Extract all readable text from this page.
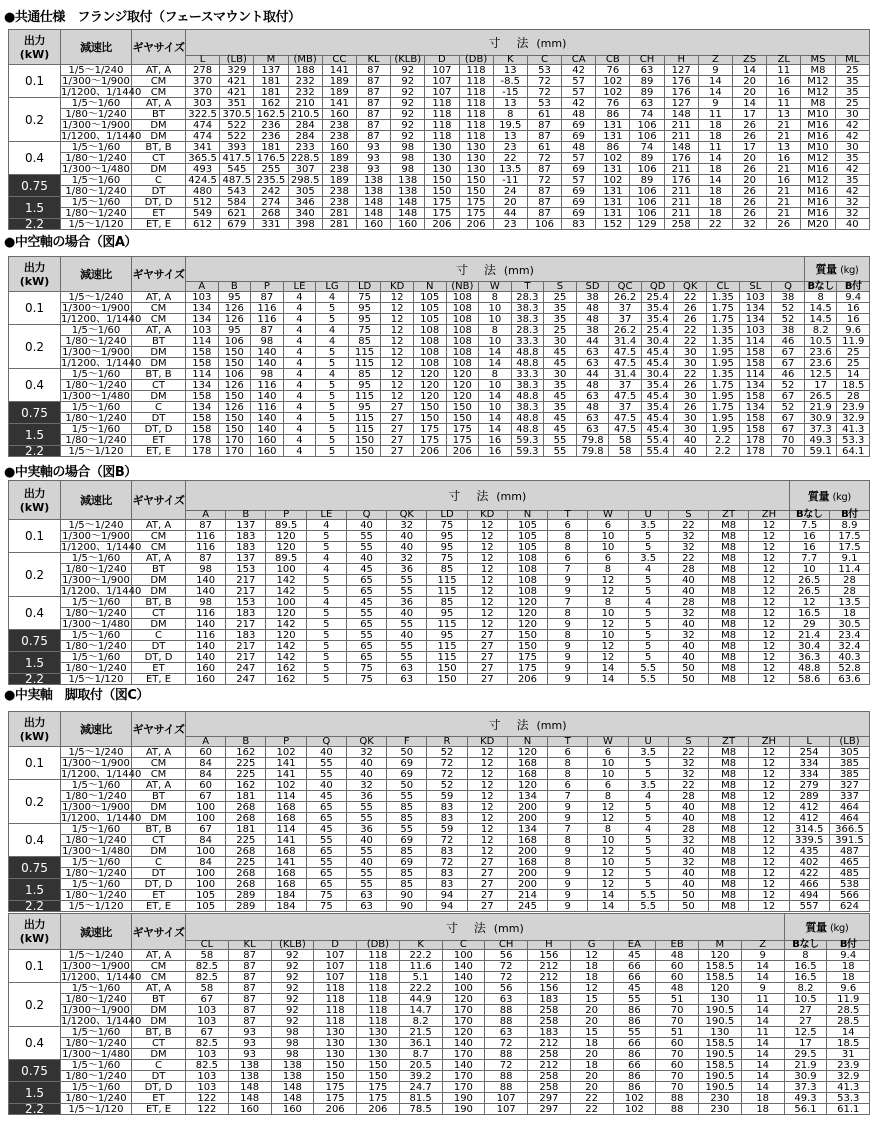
●共通仕様　フランジ取付（フェースマウント取付）
出力
(kW)	減速比	ギヤサイズ	寸　法 (mm)																			
			L	(LB)	M	(MB)	CC	KL	(KLB)	D	(DB)	K	C	CA	CB	CH	H	Z	ZS	ZL	MS	ML
0.1	1/5～1/240	AT, A	278	329	137	188	141	87	92	107	118	13	53	42	76	63	127	9	14	11	M8	25
	1/300～1/900	CM	370	421	181	232	189	87	92	107	118	-8.5	72	57	102	89	176	14	20	16	M12	35
	1/1200、1/1440	CM	370	421	181	232	189	87	92	107	118	-15	72	57	102	89	176	14	20	16	M12	35
0.2	1/5～1/60	AT, A	303	351	162	210	141	87	92	118	118	13	53	42	76	63	127	9	14	11	M8	25
	1/80～1/240	BT	322.5	370.5	162.5	210.5	160	87	92	118	118	8	61	48	86	74	148	11	17	13	M10	30
	1/300～1/900	DM	474	522	236	284	238	87	92	118	118	19.5	87	69	131	106	211	18	26	21	M16	42
	1/1200、1/1440	DM	474	522	236	284	238	87	92	118	118	13	87	69	131	106	211	18	26	21	M16	42
0.4	1/5～1/60	BT, B	341	393	181	233	160	93	98	130	130	23	61	48	86	74	148	11	17	13	M10	30
	1/80～1/240	CT	365.5	417.5	176.5	228.5	189	93	98	130	130	22	72	57	102	89	176	14	20	16	M12	35
	1/300～1/480	DM	493	545	255	307	238	93	98	130	130	13.5	87	69	131	106	211	18	26	21	M16	42
0.75	1/5～1/60	C	424.5	487.5	235.5	298.5	189	138	138	150	150	-11	72	57	102	89	176	14	20	16	M12	35
	1/80～1/240	DT	480	543	242	305	238	138	138	150	150	24	87	69	131	106	211	18	26	21	M16	42
1.5	1/5～1/60	DT, D	512	584	274	346	238	148	148	175	175	20	87	69	131	106	211	18	26	21	M16	32
	1/80～1/240	ET	549	621	268	340	281	148	148	175	175	44	87	69	131	106	211	18	26	21	M16	32
2.2	1/5～1/120	ET, E	612	679	331	398	281	160	160	206	206	23	106	83	152	129	258	22	32	26	M20	40
●中空軸の場合（図A）
出力
(kW)	減速比	ギヤサイズ	寸　法 (mm)																			質量 (kg)	
			A	B	P	LE	LG	LD	KD	N	(NB)	W	T	S	SD	QC	QD	QK	CL	SL	Q	Bなし	B付
0.1	1/5～1/240	AT, A	103	95	87	4	4	75	12	105	108	8	28.3	25	38	26.2	25.4	22	1.35	103	38	8	9.4
	1/300～1/900	CM	134	126	116	4	5	95	12	105	108	10	38.3	35	48	37	35.4	26	1.75	134	52	14.5	16
	1/1200、1/1440	CM	134	126	116	4	5	95	12	105	108	10	38.3	35	48	37	35.4	26	1.75	134	52	14.5	16
0.2	1/5～1/60	AT, A	103	95	87	4	4	75	12	108	108	8	28.3	25	38	26.2	25.4	22	1.35	103	38	8.2	9.6
	1/80～1/240	BT	114	106	98	4	4	85	12	108	108	10	33.3	30	44	31.4	30.4	22	1.35	114	46	10.5	11.9
	1/300～1/900	DM	158	150	140	4	5	115	12	108	108	14	48.8	45	63	47.5	45.4	30	1.95	158	67	23.6	25
	1/1200、1/1440	DM	158	150	140	4	5	115	12	108	108	14	48.8	45	63	47.5	45.4	30	1.95	158	67	23.6	25
0.4	1/5～1/60	BT, B	114	106	98	4	4	85	12	120	120	8	33.3	30	44	31.4	30.4	22	1.35	114	46	12.5	14
	1/80～1/240	CT	134	126	116	4	5	95	12	120	120	10	38.3	35	48	37	35.4	26	1.75	134	52	17	18.5
	1/300～1/480	DM	158	150	140	4	5	115	12	120	120	14	48.8	45	63	47.5	45.4	30	1.95	158	67	26.5	28
0.75	1/5～1/60	C	134	126	116	4	5	95	27	150	150	10	38.3	35	48	37	35.4	26	1.75	134	52	21.9	23.9
	1/80～1/240	DT	158	150	140	4	5	115	27	150	150	14	48.8	45	63	47.5	45.4	30	1.95	158	67	30.9	32.9
1.5	1/5～1/60	DT, D	158	150	140	4	5	115	27	175	175	14	48.8	45	63	47.5	45.4	30	1.95	158	67	37.3	41.3
	1/80～1/240	ET	178	170	160	4	5	150	27	175	175	16	59.3	55	79.8	58	55.4	40	2.2	178	70	49.3	53.3
2.2	1/5～1/120	ET, E	178	170	160	4	5	150	27	206	206	16	59.3	55	79.8	58	55.4	40	2.2	178	70	59.1	64.1
●中実軸の場合（図B）
出力
(kW)	減速比	ギヤサイズ	寸　法 (mm)															質量 (kg)	
			A	B	P	LE	Q	QK	LD	KD	N	T	W	U	S	ZT	ZH	Bなし	B付
0.1	1/5～1/240	AT, A	87	137	89.5	4	40	32	75	12	105	6	6	3.5	22	M8	12	7.5	8.9
	1/300～1/900	CM	116	183	120	5	55	40	95	12	105	8	10	5	32	M8	12	16	17.5
	1/1200、1/1440	CM	116	183	120	5	55	40	95	12	105	8	10	5	32	M8	12	16	17.5
0.2	1/5～1/60	AT, A	87	137	89.5	4	40	32	75	12	108	6	6	3.5	22	M8	12	7.7	9.1
	1/80～1/240	BT	98	153	100	4	45	36	85	12	108	7	8	4	28	M8	12	10	11.4
	1/300～1/900	DM	140	217	142	5	65	55	115	12	108	9	12	5	40	M8	12	26.5	28
	1/1200、1/1440	DM	140	217	142	5	65	55	115	12	108	9	12	5	40	M8	12	26.5	28
0.4	1/5～1/60	BT, B	98	153	100	4	45	36	85	12	120	7	8	4	28	M8	12	12	13.5
	1/80～1/240	CT	116	183	120	5	55	40	95	12	120	8	10	5	32	M8	12	16.5	18
	1/300～1/480	DM	140	217	142	5	65	55	115	12	120	9	12	5	40	M8	12	29	30.5
0.75	1/5～1/60	C	116	183	120	5	55	40	95	27	150	8	10	5	32	M8	12	21.4	23.4
	1/80～1/240	DT	140	217	142	5	65	55	115	27	150	9	12	5	40	M8	12	30.4	32.4
1.5	1/5～1/60	DT, D	140	217	142	5	65	55	115	27	175	9	12	5	40	M8	12	36.3	40.3
	1/80～1/240	ET	160	247	162	5	75	63	150	27	175	9	14	5.5	50	M8	12	48.8	52.8
2.2	1/5～1/120	ET, E	160	247	162	5	75	63	150	27	206	9	14	5.5	50	M8	12	58.6	63.6
●中実軸　脚取付（図C）
出力
(kW)	減速比	ギヤサイズ	寸　法 (mm)																
			A	B	P	Q	QK	F	R	KD	N	T	W	U	S	ZT	ZH	L	(LB)
0.1	1/5～1/240	AT, A	60	162	102	40	32	50	52	12	120	6	6	3.5	22	M8	12	254	305
	1/300～1/900	CM	84	225	141	55	40	69	72	12	168	8	10	5	32	M8	12	334	385
	1/1200、1/1440	CM	84	225	141	55	40	69	72	12	168	8	10	5	32	M8	12	334	385
0.2	1/5～1/60	AT, A	60	162	102	40	32	50	52	12	120	6	6	3.5	22	M8	12	279	327
	1/80～1/240	BT	67	181	114	45	36	55	59	12	134	7	8	4	28	M8	12	289	337
	1/300～1/900	DM	100	268	168	65	55	85	83	12	200	9	12	5	40	M8	12	412	464
	1/1200、1/1440	DM	100	268	168	65	55	85	83	12	200	9	12	5	40	M8	12	412	464
0.4	1/5～1/60	BT, B	67	181	114	45	36	55	59	12	134	7	8	4	28	M8	12	314.5	366.5
	1/80～1/240	CT	84	225	141	55	40	69	72	12	168	8	10	5	32	M8	12	339.5	391.5
	1/300～1/480	DM	100	268	168	65	55	85	83	12	200	9	12	5	40	M8	12	435	487
0.75	1/5～1/60	C	84	225	141	55	40	69	72	27	168	8	10	5	32	M8	12	402	465
	1/80～1/240	DT	100	268	168	65	55	85	83	27	200	9	12	5	40	M8	12	422	485
1.5	1/5～1/60	DT, D	100	268	168	65	55	85	83	27	200	9	12	5	40	M8	12	466	538
	1/80～1/240	ET	105	289	184	75	63	90	94	27	214	9	14	5.5	50	M8	12	494	566
2.2	1/5～1/120	ET, E	105	289	184	75	63	90	94	27	245	9	14	5.5	50	M8	12	557	624
出力
(kW)	減速比	ギヤサイズ	寸　法 (mm)														質量 (kg)	
			CL	KL	(KLB)	D	(DB)	K	C	CH	H	G	EA	EB	M	Z	Bなし	B付
0.1	1/5～1/240	AT, A	58	87	92	107	118	22.2	100	56	156	12	45	48	120	9	8	9.4
	1/300～1/900	CM	82.5	87	92	107	118	11.6	140	72	212	18	66	60	158.5	14	16.5	18
	1/1200、1/1440	CM	82.5	87	92	107	118	5.1	140	72	212	18	66	60	158.5	14	16.5	18
0.2	1/5～1/60	AT, A	58	87	92	118	118	22.2	100	56	156	12	45	48	120	9	8.2	9.6
	1/80～1/240	BT	67	87	92	118	118	44.9	120	63	183	15	55	51	130	11	10.5	11.9
	1/300～1/900	DM	103	87	92	118	118	14.7	170	88	258	20	86	70	190.5	14	27	28.5
	1/1200、1/1440	DM	103	87	92	118	118	8.2	170	88	258	20	86	70	190.5	14	27	28.5
0.4	1/5～1/60	BT, B	67	93	98	130	130	21.5	120	63	183	15	55	51	130	11	12.5	14
	1/80～1/240	CT	82.5	93	98	130	130	36.1	140	72	212	18	66	60	158.5	14	17	18.5
	1/300～1/480	DM	103	93	98	130	130	8.7	170	88	258	20	86	70	190.5	14	29.5	31
0.75	1/5～1/60	C	82.5	138	138	150	150	20.5	140	72	212	18	66	60	158.5	14	21.9	23.9
	1/80～1/240	DT	103	138	138	150	150	39.2	170	88	258	20	86	70	190.5	14	30.9	32.9
1.5	1/5～1/60	DT, D	103	148	148	175	175	24.7	170	88	258	20	86	70	190.5	14	37.3	41.3
	1/80～1/240	ET	122	148	148	175	175	81.5	190	107	297	22	102	88	230	18	49.3	53.3
2.2	1/5～1/120	ET, E	122	160	160	206	206	78.5	190	107	297	22	102	88	230	18	56.1	61.1
